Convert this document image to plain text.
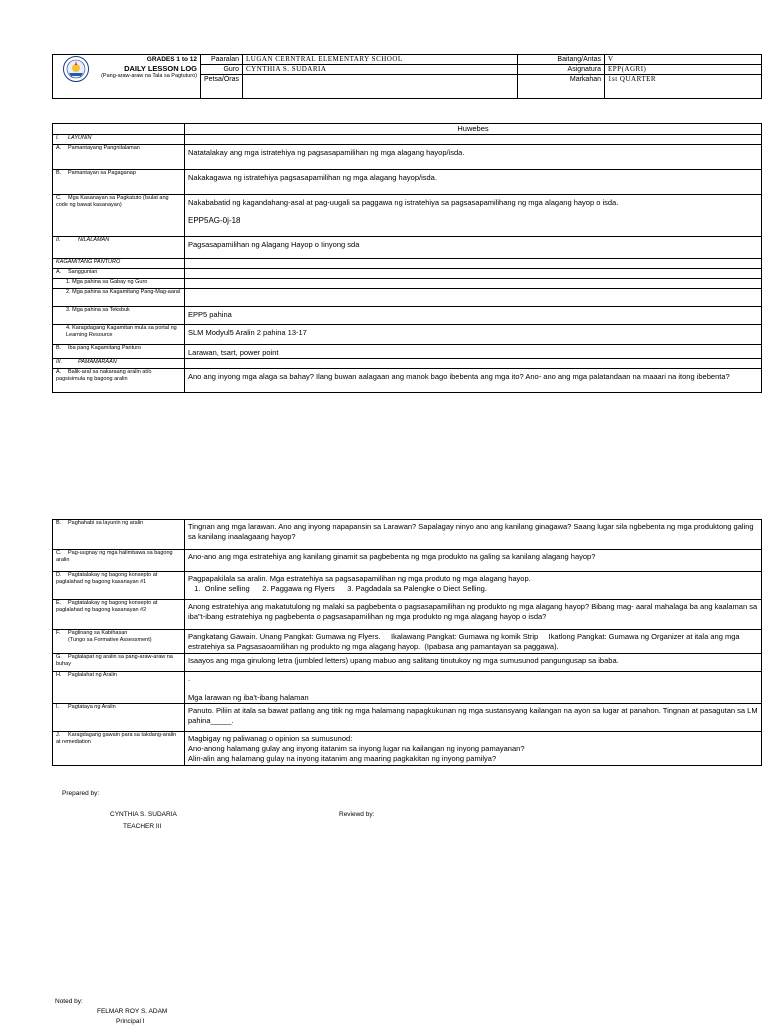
GRADES 1 to 12
DAILY LESSON LOG
(Pang-araw-araw na Tala sa Pagtuturo)	Paaralan	LUGAN CERNTRAL ELEMENTARY SCHOOL	Baitang/Antas	V
	Guro	CYNTHIA S. SUDARIA	Asignatura	EPP(AGRI)
	Petsa/Oras		Markahan	1st QUARTER
	Huwebes
I. LAYUNIN	

A. Pamantayang Pangnilalaman	Natatalakay ang mga istratehiya ng pagsasapamilihan ng mga alagang hayop/isda.

B. Pamantayan sa Pagaganap	Nakakagawa ng istratehiya pagsasapamilihan ng mga alagang hayop/isda.

C. Mga Kasanayan sa Pagkatuto (Isulat ang code ng bawat kasanayan)	Nakababatid ng kagandahang-asal at pag-uugali sa paggawa ng istratehiya sa pagsasapamilihang ng mga alagang hayop o isda.
EPP5AG-0j-18

II. NILALAMAN	Pagsasapamilihan ng Alagang Hayop o Iinyong sda

KAGAMITANG PANTURO	

A. Sanggunian	

1. Mga pahina sa Gabay ng Guro	

2. Mga pahina sa Kagamitang Pang-Mag-aaral	

3. Mga pahina sa Teksbuk	EPP5 pahina

4. Karagdagang Kagamitan mula sa portal ng Learning Resource	SLM Modyul5 Aralin 2 pahina 13-17

B. Iba pang Kagamitang Panturo	Larawan, tsart, power point

III. PAMAMARAAN	

A. Balik-aral sa nakaraang aralin at/o pagsisimula ng bagong aralin	Ano ang inyong mga alaga sa bahay? Ilang buwan aalagaan ang manok bago ibebenta ang mga ito? Ano- ano ang mga palatandaan na maaari na itong ibebenta?
B. Paghahabi sa layunin ng aralin	Tingnan ang mga larawan. Ano ang inyong napapansin sa Larawan? Sapalagay ninyo ano ang kanilang ginagawa? Saang lugar sila ngbebenta ng mga produktong galing sa kanilang inaalagaang hayop?

C. Pag-uugnay ng mga halimbawa sa bagong aralin	Ano-ano ang mga estratehiya ang kanilang ginamit sa pagbebenta ng mga produkto na galing sa kanilang alagang hayop?

D. Pagtatalakay ng bagong konsepto at paglalahad ng bagong kasanayan #1	Pagpapakilala sa aralin. Mga estratehiya sa pagsasapamilihan ng mga produto ng mga alagang hayop.
1.  Online selling      2. Paggawa ng Flyers      3. Pagdadala sa Palengke o Diect Selling.

E. Pagtatalakay ng bagong konsepto at paglalahad ng bagong kasanayan #2	Anong estratehiya ang makatutulong ng malaki sa pagbebenta o pagsasapamilihan ng produkto ng mga alagang hayop? Bibang mag- aaral mahalaga ba ang kaalaman sa iba"t-ibang estratehiya ng pagbebenta o pagsasapamilihan ng mga produkto ng mga alagang hayop o isda?

F. Paglinang sa Kabihasan
(Tungo sa Formative Assessment)	Pangkatang Gawain. Unang Pangkat: Gumawa ng Flyers.     Ikalawang Pangkat: Gumawa ng komik Strip     Ikatlong Pangkat: Gumawa ng Organizer at itala ang mga estratehiya sa Pagsasaoamilihan ng produkto ng mga alagang hayop.  (Ipabasa ang pamantayan sa paggawa).

G. Paglalapat ng aralin sa pang-araw-araw na buhay	Isaayos ang mga ginulong letra (jumbled letters) upang mabuo ang salitang tinutukoy ng mga sumusunod pangungusap sa ibaba.

H. Paglalahat ng Aralin	.
Mga larawan ng iba't-ibang halaman

I. Pagtataya ng Aralin	Panuto. Piliin at itala sa bawat patlang ang titik ng mga halamang napagkukunan ng mga sustansyang kailangan na ayon sa lugar at panahon. Tingnan at pasagutan sa LM pahina_____.

J. Karagdagang gawain para sa takdang-aralin at remediation	Magbigay ng paliwanag o opinion sa sumusunod:
Ano-anong halamang gulay ang inyong itatanim sa inyong lugar na kailangan ng inyong pamayanan?
Alin-alin ang halamang gulay na inyong itatanim ang maaring pagkakitan ng inyong pamilya?
Prepared by:
CYNTHIA S. SUDARIA
TEACHER III
Reviewd by:
Noted by:
FELMAR ROY S. ADAM
Principal I
